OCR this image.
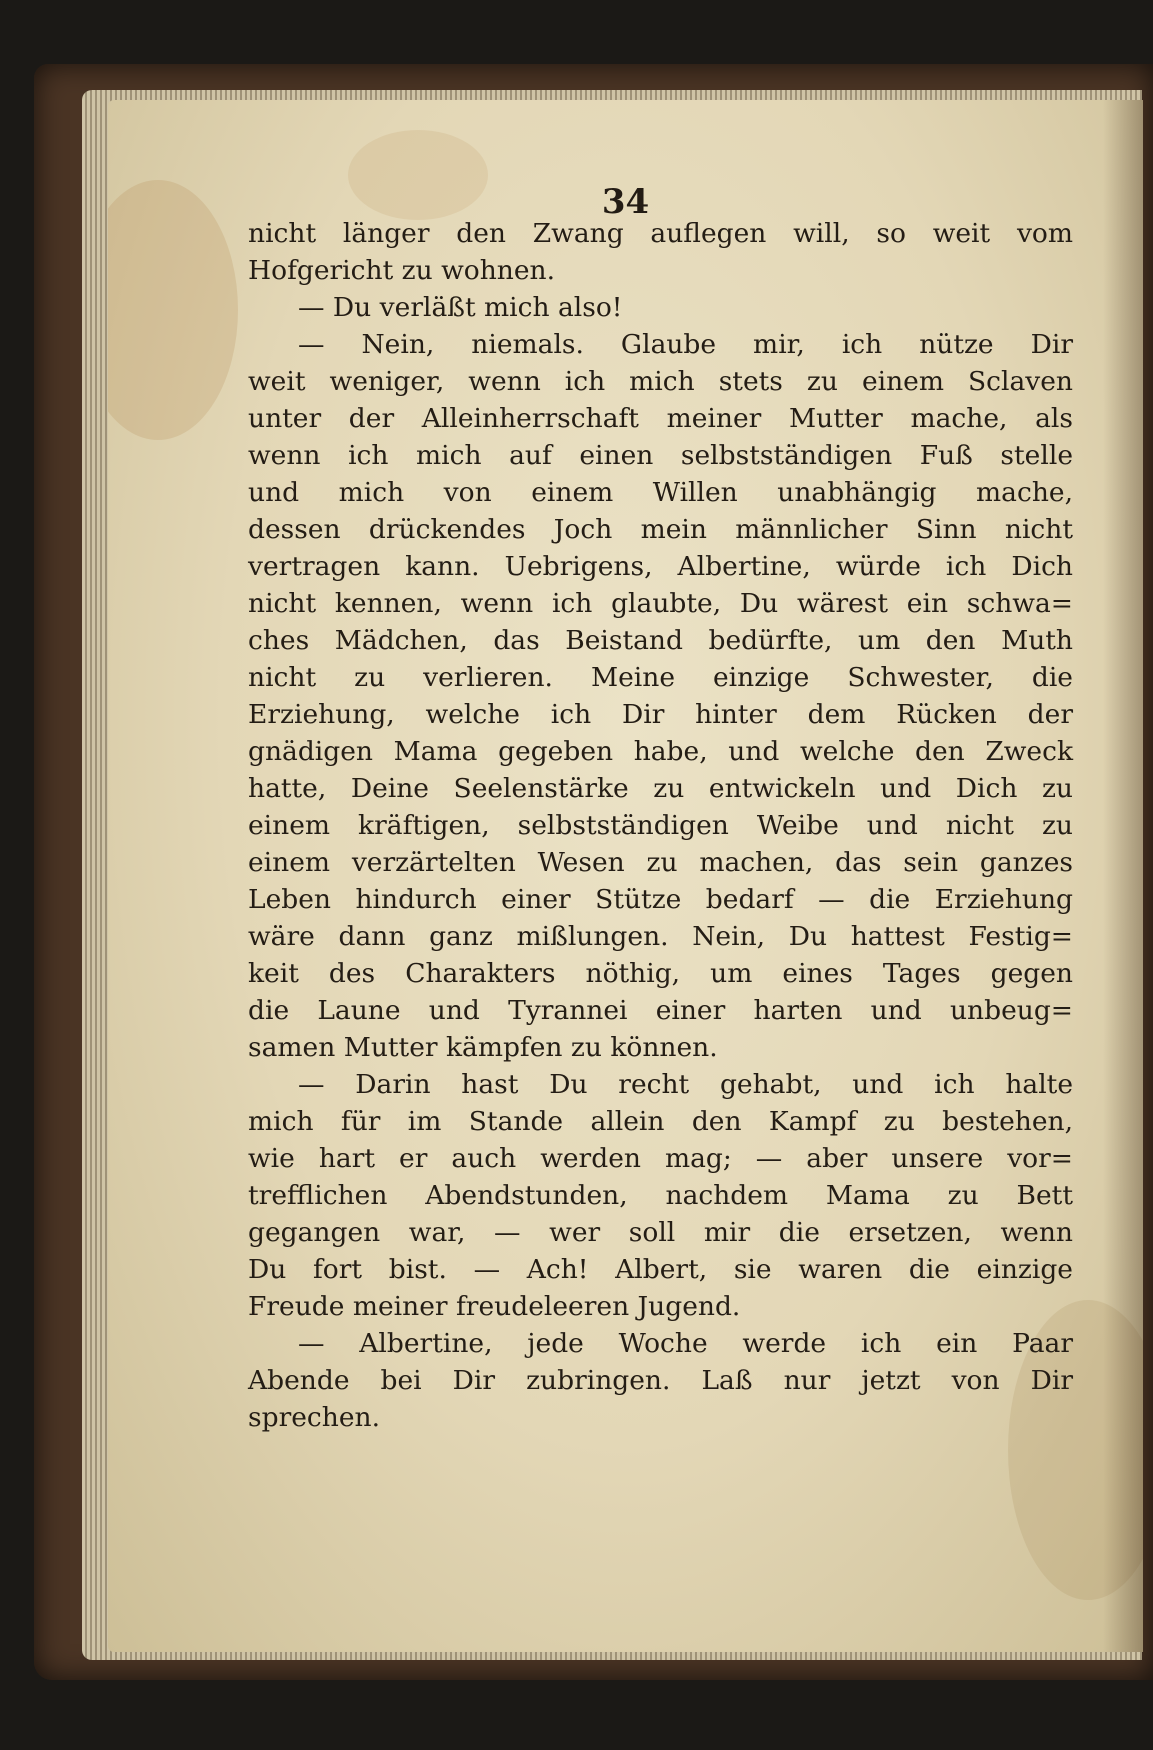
34
nicht länger den Zwang auflegen will, so weit vom
Hofgericht zu wohnen.
— Du verläßt mich also!
— Nein, niemals. Glaube mir, ich nütze Dir
weit weniger, wenn ich mich stets zu einem Sclaven
unter der Alleinherrschaft meiner Mutter mache, als
wenn ich mich auf einen selbstständigen Fuß stelle
und mich von einem Willen unabhängig mache,
dessen drückendes Joch mein männlicher Sinn nicht
vertragen kann. Uebrigens, Albertine, würde ich Dich
nicht kennen, wenn ich glaubte, Du wärest ein schwa=
ches Mädchen, das Beistand bedürfte, um den Muth
nicht zu verlieren. Meine einzige Schwester, die
Erziehung, welche ich Dir hinter dem Rücken der
gnädigen Mama gegeben habe, und welche den Zweck
hatte, Deine Seelenstärke zu entwickeln und Dich zu
einem kräftigen, selbstständigen Weibe und nicht zu
einem verzärtelten Wesen zu machen, das sein ganzes
Leben hindurch einer Stütze bedarf — die Erziehung
wäre dann ganz mißlungen. Nein, Du hattest Festig=
keit des Charakters nöthig, um eines Tages gegen
die Laune und Tyrannei einer harten und unbeug=
samen Mutter kämpfen zu können.
— Darin hast Du recht gehabt, und ich halte
mich für im Stande allein den Kampf zu bestehen,
wie hart er auch werden mag; — aber unsere vor=
trefflichen Abendstunden, nachdem Mama zu Bett
gegangen war, — wer soll mir die ersetzen, wenn
Du fort bist. — Ach! Albert, sie waren die einzige
Freude meiner freudeleeren Jugend.
— Albertine, jede Woche werde ich ein Paar
Abende bei Dir zubringen. Laß nur jetzt von Dir
sprechen.
